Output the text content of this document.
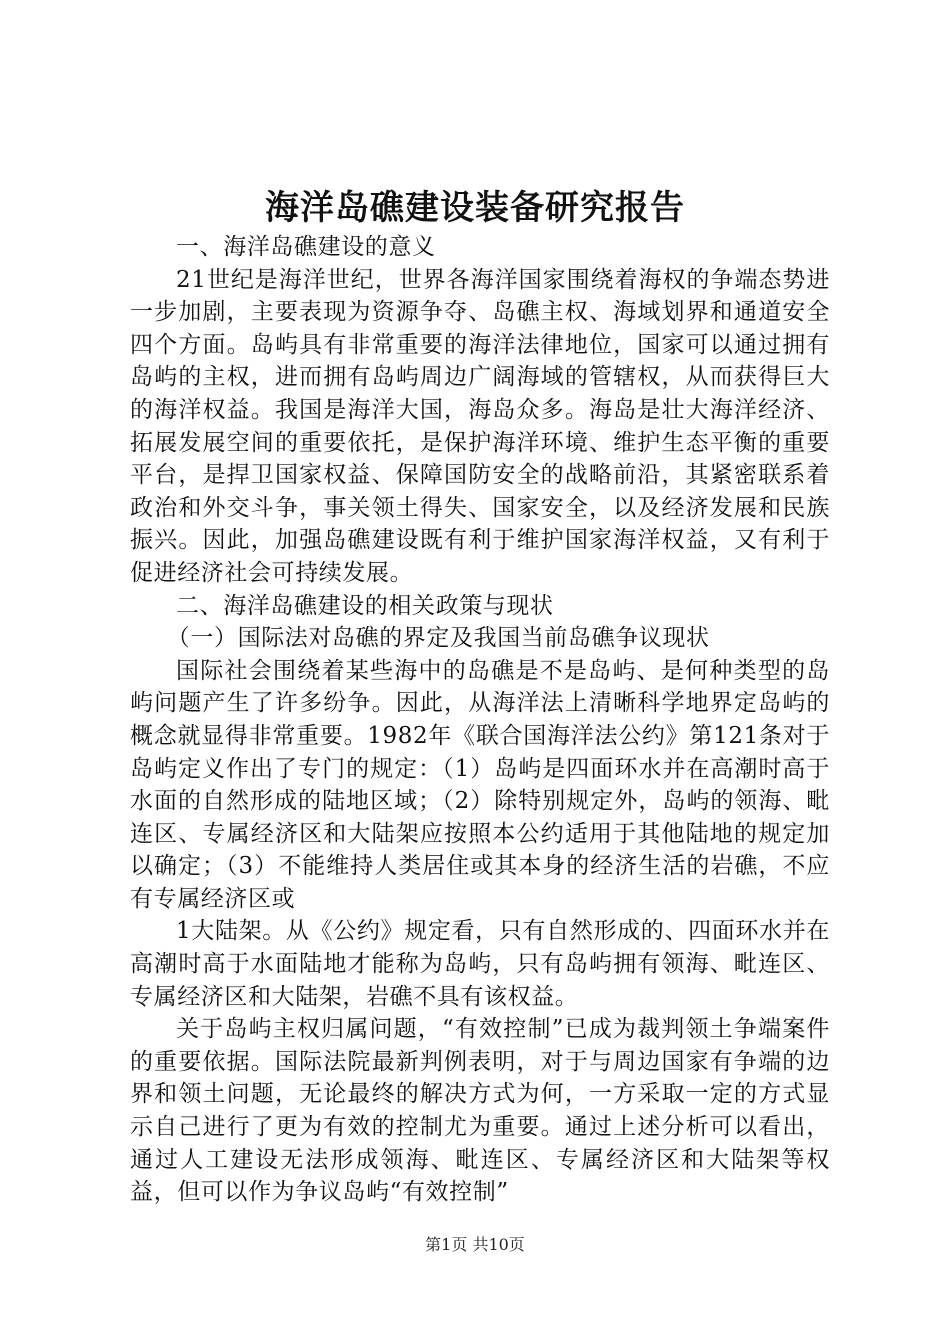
海洋岛礁建设装备研究报告

一、海洋岛礁建设的意义

21世纪是海洋世纪，世界各海洋国家围绕着海权的争端态势进一步加剧，主要表现为资源争夺、岛礁主权、海域划界和通道安全四个方面。岛屿具有非常重要的海洋法律地位，国家可以通过拥有岛屿的主权，进而拥有岛屿周边广阔海域的管辖权，从而获得巨大的海洋权益。我国是海洋大国，海岛众多。海岛是壮大海洋经济、拓展发展空间的重要依托，是保护海洋环境、维护生态平衡的重要平台，是捍卫国家权益、保障国防安全的战略前沿，其紧密联系着政治和外交斗争，事关领土得失、国家安全，以及经济发展和民族振兴。因此，加强岛礁建设既有利于维护国家海洋权益，又有利于促进经济社会可持续发展。

二、海洋岛礁建设的相关政策与现状

（一）国际法对岛礁的界定及我国当前岛礁争议现状

国际社会围绕着某些海中的岛礁是不是岛屿、是何种类型的岛屿问题产生了许多纷争。因此，从海洋法上清晰科学地界定岛屿的概念就显得非常重要。1982年《联合国海洋法公约》第121条对于岛屿定义作出了专门的规定：（1）岛屿是四面环水并在高潮时高于水面的自然形成的陆地区域；（2）除特别规定外，岛屿的领海、毗连区、专属经济区和大陆架应按照本公约适用于其他陆地的规定加以确定；（3）不能维持人类居住或其本身的经济生活的岩礁，不应有专属经济区或

1大陆架。从《公约》规定看，只有自然形成的、四面环水并在高潮时高于水面陆地才能称为岛屿，只有岛屿拥有领海、毗连区、专属经济区和大陆架，岩礁不具有该权益。

关于岛屿主权归属问题，“有效控制”已成为裁判领土争端案件的重要依据。国际法院最新判例表明，对于与周边国家有争端的边界和领土问题，无论最终的解决方式为何，一方采取一定的方式显示自己进行了更为有效的控制尤为重要。通过上述分析可以看出，通过人工建设无法形成领海、毗连区、专属经济区和大陆架等权益，但可以作为争议岛屿“有效控制”

第1页 共10页
